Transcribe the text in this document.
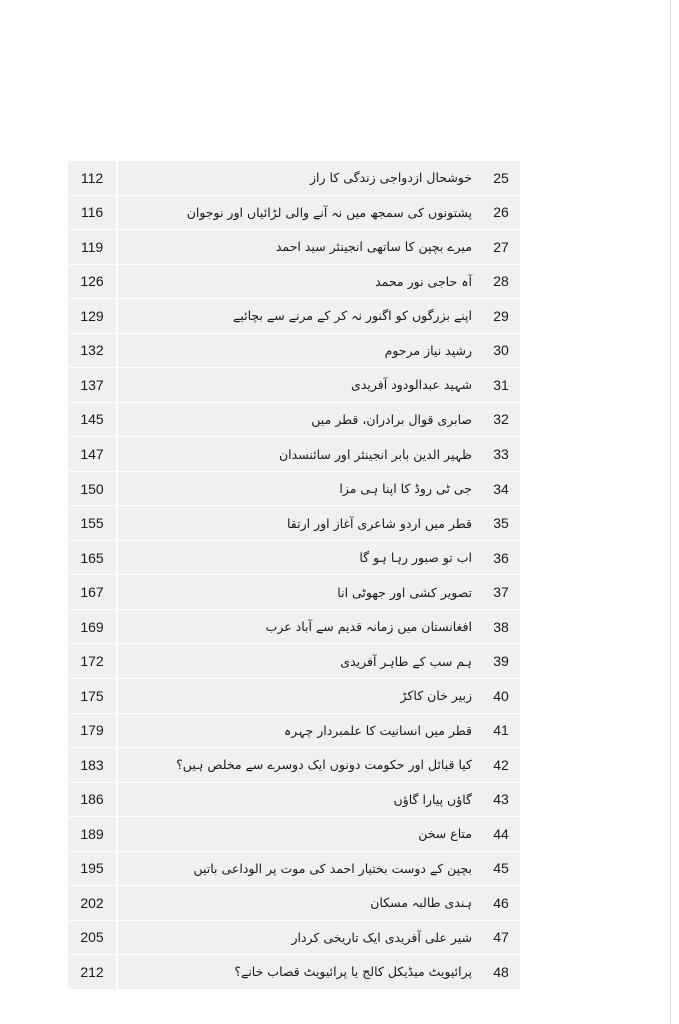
112	خوشحال ازدواجی زندگی کا راز	25
116	پشتونوں کی سمجھ میں نہ آنے والی لڑائیاں اور نوجوان	26
119	میرے بچپن کا ساتھی انجینئر سید احمد	27
126	آہ حاجی نور محمد	28
129	اپنے بزرگوں کو اگنور نہ کر کے مرنے سے بچائیے	29
132	رشید نیاز مرحوم	30
137	شہید عبدالودود آفریدی	31
145	صابری قوال برادران، قطر میں	32
147	ظہیر الدین بابر انجینئر اور سائنسدان	33
150	جی ٹی روڈ کا اپنا ہی مزا	34
155	قطر میں اردو شاعری آغاز اور ارتقا	35
165	اب تو صبور رہا ہو گا	36
167	تصویر کشی اور جھوٹی انا	37
169	افغانستان میں زمانہ قدیم سے آباد عرب	38
172	ہم سب کے طاہر آفریدی	39
175	زبیر خان کاکڑ	40
179	قطر میں انسانیت کا علمبردار چہرہ	41
183	کیا قبائل اور حکومت دونوں ایک دوسرے سے مخلص ہیں؟	42
186	گاؤں پیارا گاؤں	43
189	متاع سخن	44
195	بچپن کے دوست بختیار احمد کی موت پر الوداعی باتیں	45
202	ہندی طالبہ مسکان	46
205	شیر علی آفریدی ایک تاریخی کردار	47
212	پرائیویٹ میڈیکل کالج یا پرائیویٹ قصاب خانے؟	48
